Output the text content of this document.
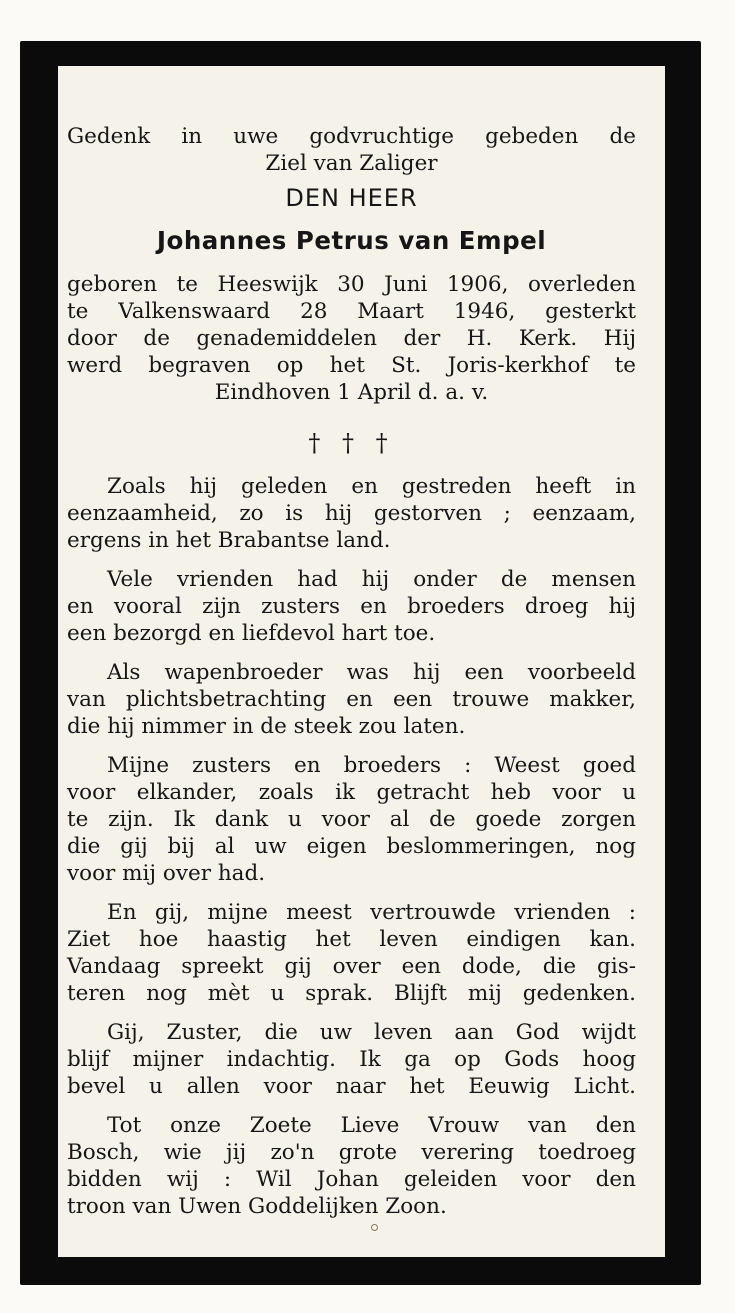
Gedenk in uwe godvruchtige gebeden de
Ziel van Zaliger
DEN HEER
Johannes Petrus van Empel
geboren te Heeswijk 30 Juni 1906, overleden
te Valkenswaard 28 Maart 1946, gesterkt
door de genademiddelen der H. Kerk. Hij
werd begraven op het St. Joris-kerkhof te
Eindhoven 1 April d. a. v.
† † †
Zoals hij geleden en gestreden heeft in
eenzaamheid, zo is hij gestorven ; eenzaam,
ergens in het Brabantse land.
Vele vrienden had hij onder de mensen
en vooral zijn zusters en broeders droeg hij
een bezorgd en liefdevol hart toe.
Als wapenbroeder was hij een voorbeeld
van plichtsbetrachting en een trouwe makker,
die hij nimmer in de steek zou laten.
Mijne zusters en broeders : Weest goed
voor elkander, zoals ik getracht heb voor u
te zijn. Ik dank u voor al de goede zorgen
die gij bij al uw eigen beslommeringen, nog
voor mij over had.
En gij, mijne meest vertrouwde vrienden :
Ziet hoe haastig het leven eindigen kan.
Vandaag spreekt gij over een dode, die gis-
teren nog mèt u sprak. Blijft mij gedenken.
Gij, Zuster, die uw leven aan God wijdt
blijf mijner indachtig. Ik ga op Gods hoog
bevel u allen voor naar het Eeuwig Licht.
Tot onze Zoete Lieve Vrouw van den
Bosch, wie jij zo'n grote verering toedroeg
bidden wij : Wil Johan geleiden voor den
troon van Uwen Goddelijken Zoon.
